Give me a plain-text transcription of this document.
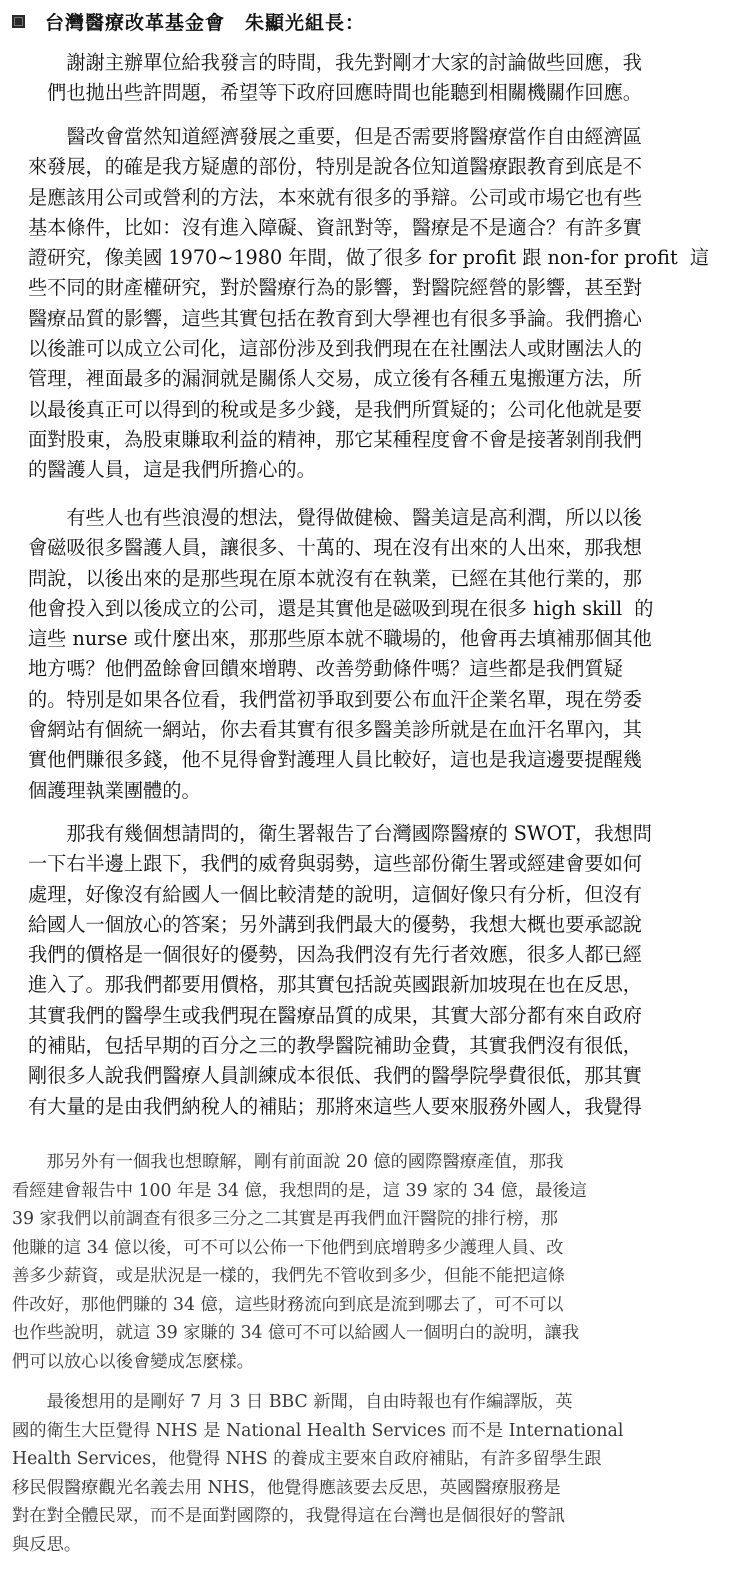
台灣醫療改革基金會　朱顯光組長：

　　謝謝主辦單位給我發言的時間，我先對剛才大家的討論做些回應，我
　們也拋出些許問題，希望等下政府回應時間也能聽到相關機關作回應。

　　醫改會當然知道經濟發展之重要，但是否需要將醫療當作自由經濟區
來發展，的確是我方疑慮的部份，特別是說各位知道醫療跟教育到底是不
是應該用公司或營利的方法，本來就有很多的爭辯。公司或市場它也有些
基本條件，比如：沒有進入障礙、資訊對等，醫療是不是適合？有許多實
證研究，像美國 1970~1980 年間，做了很多 for profit 跟 non-for profit  這
些不同的財產權研究，對於醫療行為的影響，對醫院經營的影響，甚至對
醫療品質的影響，這些其實包括在教育到大學裡也有很多爭論。我們擔心
以後誰可以成立公司化，這部份涉及到我們現在在社團法人或財團法人的
管理，裡面最多的漏洞就是關係人交易，成立後有各種五鬼搬運方法，所
以最後真正可以得到的稅或是多少錢，是我們所質疑的；公司化他就是要
面對股東，為股東賺取利益的精神，那它某種程度會不會是接著剝削我們
的醫護人員，這是我們所擔心的。

　　有些人也有些浪漫的想法，覺得做健檢、醫美這是高利潤，所以以後
會磁吸很多醫護人員，讓很多、十萬的、現在沒有出來的人出來，那我想
問說，以後出來的是那些現在原本就沒有在執業，已經在其他行業的，那
他會投入到以後成立的公司，還是其實他是磁吸到現在很多 high skill  的
這些 nurse 或什麼出來，那那些原本就不職場的，他會再去填補那個其他
地方嗎？他們盈餘會回饋來增聘、改善勞動條件嗎？這些都是我們質疑
的。特別是如果各位看，我們當初爭取到要公布血汗企業名單，現在勞委
會網站有個統一網站，你去看其實有很多醫美診所就是在血汗名單內，其
實他們賺很多錢，他不見得會對護理人員比較好，這也是我這邊要提醒幾
個護理執業團體的。

　　那我有幾個想請問的，衛生署報告了台灣國際醫療的 SWOT，我想問
一下右半邊上跟下，我們的威脅與弱勢，這些部份衛生署或經建會要如何
處理，好像沒有給國人一個比較清楚的說明，這個好像只有分析，但沒有
給國人一個放心的答案；另外講到我們最大的優勢，我想大概也要承認說
我們的價格是一個很好的優勢，因為我們沒有先行者效應，很多人都已經
進入了。那我們都要用價格，那其實包括說英國跟新加坡現在也在反思，
其實我們的醫學生或我們現在醫療品質的成果，其實大部分都有來自政府
的補貼，包括早期的百分之三的教學醫院補助金費，其實我們沒有很低，
剛很多人說我們醫療人員訓練成本很低、我們的醫學院學費很低，那其實
有大量的是由我們納稅人的補貼；那將來這些人要來服務外國人，我覺得

　　那另外有一個我也想瞭解，剛有前面說 20 億的國際醫療產值，那我
看經建會報告中 100 年是 34 億，我想問的是，這 39 家的 34 億，最後這
39 家我們以前調查有很多三分之二其實是再我們血汗醫院的排行榜，那
他賺的這 34 億以後，可不可以公佈一下他們到底增聘多少護理人員、改
善多少薪資，或是狀況是一樣的，我們先不管收到多少，但能不能把這條
件改好，那他們賺的 34 億，這些財務流向到底是流到哪去了，可不可以
也作些說明，就這 39 家賺的 34 億可不可以給國人一個明白的說明，讓我
們可以放心以後會變成怎麼樣。

　　最後想用的是剛好 7 月 3 日 BBC 新聞，自由時報也有作編譯版，英
國的衛生大臣覺得 NHS 是 National Health Services 而不是 International
Health Services，他覺得 NHS 的養成主要來自政府補貼，有許多留學生跟
移民假醫療觀光名義去用 NHS，他覺得應該要去反思，英國醫療服務是
對在對全體民眾，而不是面對國際的，我覺得這在台灣也是個很好的警訊
與反思。
